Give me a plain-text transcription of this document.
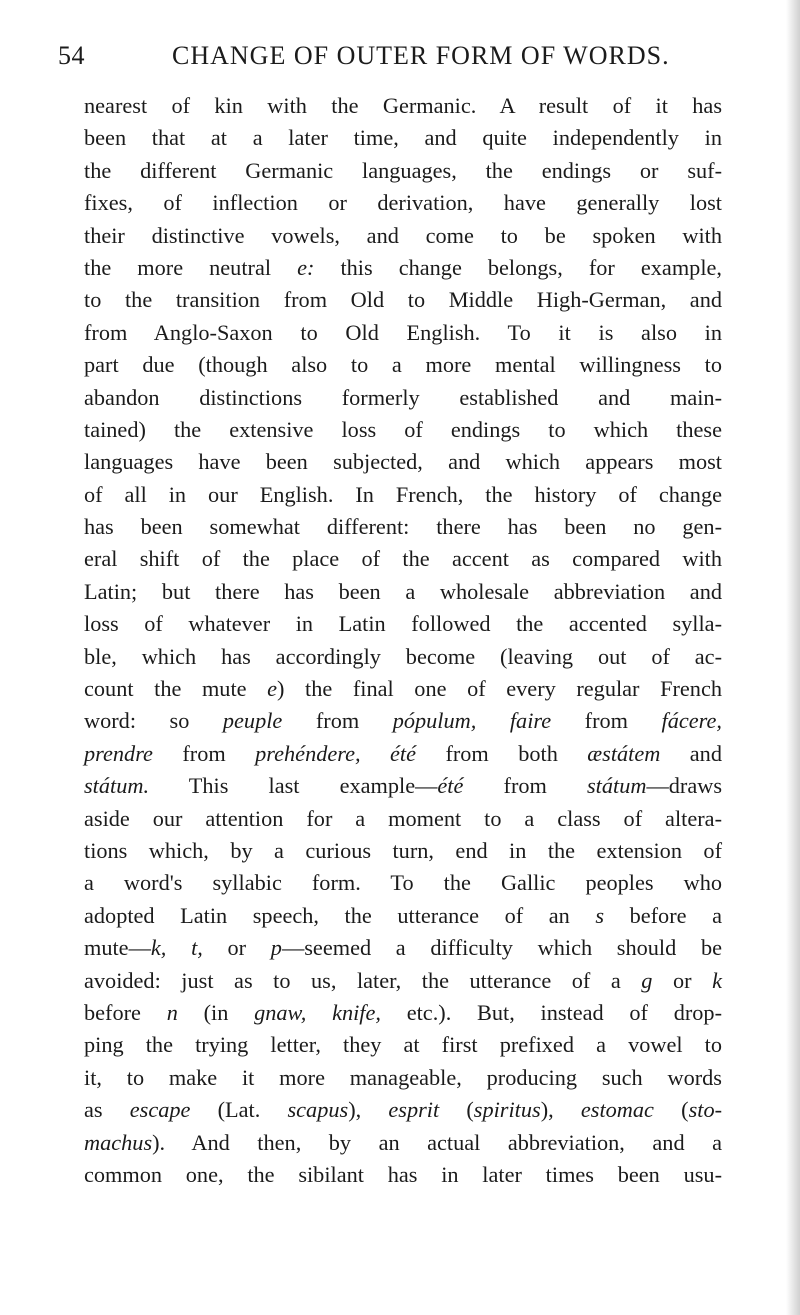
54	CHANGE OF OUTER FORM OF WORDS.
nearest of kin with the Germanic. A result of it has
been that at a later time, and quite independently in
the different Germanic languages, the endings or suf-
fixes, of inflection or derivation, have generally lost
their distinctive vowels, and come to be spoken with
the more neutral e: this change belongs, for example,
to the transition from Old to Middle High-German, and
from Anglo-Saxon to Old English. To it is also in
part due (though also to a more mental willingness to
abandon distinctions formerly established and main-
tained) the extensive loss of endings to which these
languages have been subjected, and which appears most
of all in our English. In French, the history of change
has been somewhat different: there has been no gen-
eral shift of the place of the accent as compared with
Latin; but there has been a wholesale abbreviation and
loss of whatever in Latin followed the accented sylla-
ble, which has accordingly become (leaving out of ac-
count the mute e) the final one of every regular French
word: so peuple from pópulum, faire from fácere,
prendre from prehéndere, été from both æstátem and
státum. This last example—été from státum—draws
aside our attention for a moment to a class of altera-
tions which, by a curious turn, end in the extension of
a word's syllabic form. To the Gallic peoples who
adopted Latin speech, the utterance of an s before a
mute—k, t, or p—seemed a difficulty which should be
avoided: just as to us, later, the utterance of a g or k
before n (in gnaw, knife, etc.). But, instead of drop-
ping the trying letter, they at first prefixed a vowel to
it, to make it more manageable, producing such words
as escape (Lat. scapus), esprit (spiritus), estomac (sto-
machus). And then, by an actual abbreviation, and a
common one, the sibilant has in later times been usu-
